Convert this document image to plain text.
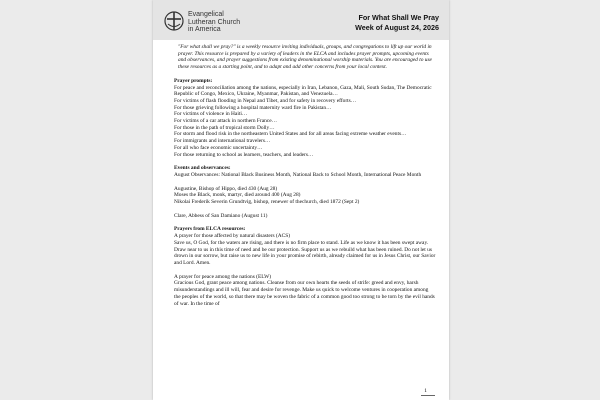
Evangelical
Lutheran Church
in America
For What Shall We Pray
Week of August 24, 2026

"For what shall we pray?" is a weekly resource inviting individuals, groups, and congregations to lift up our world in prayer. This resource is prepared by a variety of leaders in the ELCA and includes prayer prompts, upcoming events and observances, and prayer suggestions from existing denominational worship materials. You are encouraged to use these resources as a starting point, and to adapt and add other concerns from your local context.

Prayer prompts:

For peace and reconciliation among the nations, especially in Iran, Lebanon, Gaza, Mali, South Sudan, The Democratic Republic of Congo, Mexico, Ukraine, Myanmar, Pakistan, and Venezuela…

For victims of flash flooding in Nepal and Tibet, and for safety in recovery efforts…

For those grieving following a hospital maternity ward fire in Pakistan…

For victims of violence in Haiti…

For victims of a car attack in northern France…

For those in the path of tropical storm Dolly…

For storm and flood risk in the northeastern United States and for all areas facing extreme weather events…

For immigrants and international travelers…

For all who face economic uncertainty…

For those returning to school as learners, teachers, and leaders…

Events and observances:

August Observances: National Black Business Month, National Back to School Month, International Peace Month

Augustine, Bishop of Hippo, died 430 (Aug 28)

Moses the Black, monk, martyr, died around 400 (Aug 28)

Nikolai Frederik Severin Grundtvig, bishop, renewer of thechurch, died 1872 (Sept 2)

Clare, Abbess of San Damiano (August 11)

Prayers from ELCA resources:

A prayer for those affected by natural disasters (ACS)

Save us, O God, for the waters are rising, and there is no firm place to stand. Life as we know it has been swept away. Draw near to us in this time of need and be our protection. Support us as we rebuild what has been ruined. Do not let us drown in our sorrow, but raise us to new life in your promise of rebirth, already claimed for us in Jesus Christ, our Savior and Lord. Amen.

A prayer for peace among the nations (ELW)

Gracious God, grant peace among nations. Cleanse from our own hearts the seeds of strife: greed and envy, harsh misunderstandings and ill will, fear and desire for revenge. Make us quick to welcome ventures in cooperation among the peoples of the world, so that there may be woven the fabric of a common good too strong to be torn by the evil hands of war. In the time of

1
